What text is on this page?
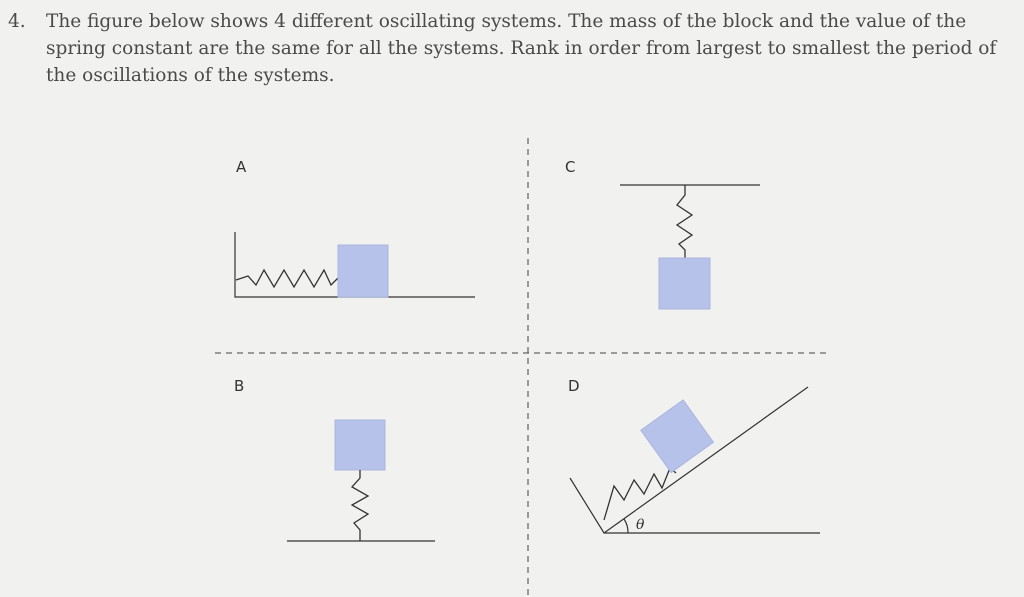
4. The figure below shows 4 different oscillating systems. The mass of the block and the value of the spring constant are the same for all the systems. Rank in order from largest to smallest the period of the oscillations of the systems.
A	C
B	D
θ
